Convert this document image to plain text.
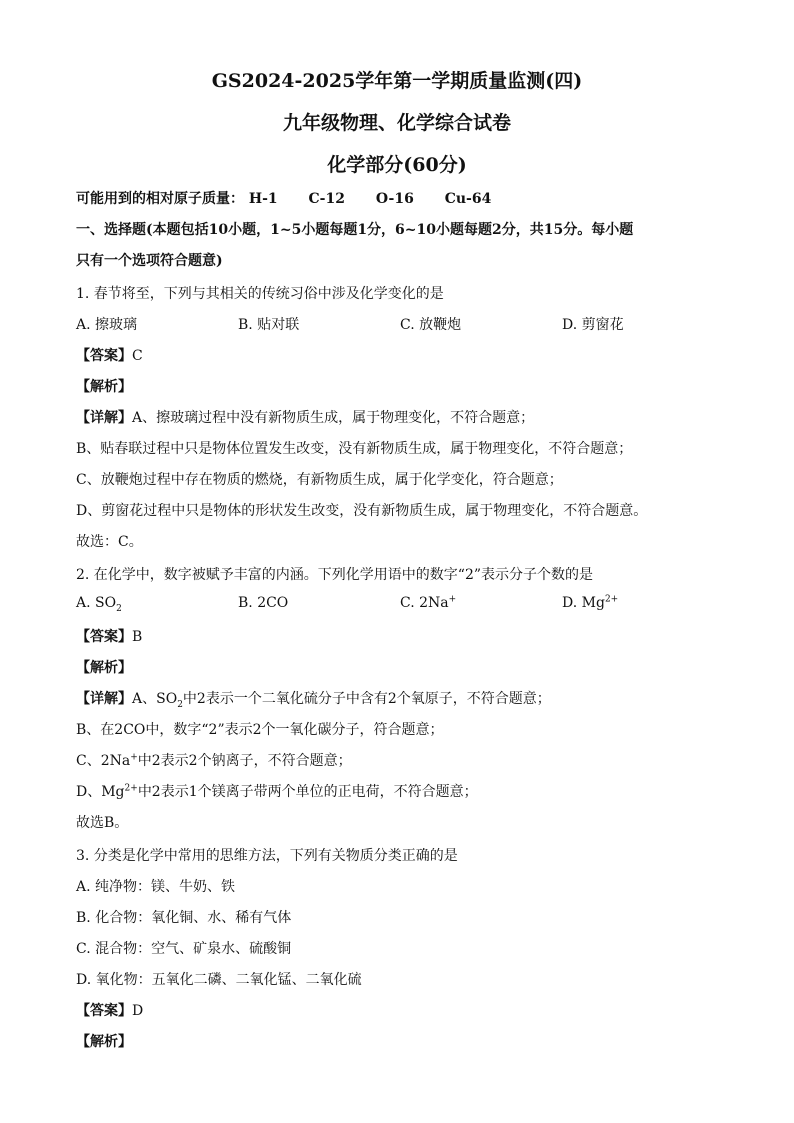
GS2024-2025学年第一学期质量监测(四)
九年级物理、化学综合试卷
化学部分(60分)
可能用到的相对原子质量： H-1 C-12 O-16 Cu-64
一、选择题(本题包括10小题，1~5小题每题1分，6~10小题每题2分，共15分。每小题
只有一个选项符合题意)
1. 春节将至，下列与其相关的传统习俗中涉及化学变化的是
A. 擦玻璃	B. 贴对联	C. 放鞭炮	D. 剪窗花
【答案】C
【解析】
【详解】A、擦玻璃过程中没有新物质生成，属于物理变化，不符合题意；
B、贴春联过程中只是物体位置发生改变，没有新物质生成，属于物理变化，不符合题意；
C、放鞭炮过程中存在物质的燃烧，有新物质生成，属于化学变化，符合题意；
D、剪窗花过程中只是物体的形状发生改变，没有新物质生成，属于物理变化，不符合题意。
故选：C。
2. 在化学中，数字被赋予丰富的内涵。下列化学用语中的数字“2”表示分子个数的是
A. $SO_2$	B. 2CO	C. 2Na+	D. $Mg^{2+}$
【答案】B
【解析】
【详解】A、$SO_2$中2表示一个二氧化硫分子中含有2个氧原子，不符合题意；
B、在2CO中，数字“2”表示2个一氧化碳分子，符合题意；
C、2Na+中2表示2个钠离子，不符合题意；
D、$Mg^{2+}$中2表示1个镁离子带两个单位的正电荷，不符合题意；
故选B。
3. 分类是化学中常用的思维方法，下列有关物质分类正确的是
A. 纯净物：镁、牛奶、铁
B. 化合物：氧化铜、水、稀有气体
C. 混合物：空气、矿泉水、硫酸铜
D. 氧化物：五氧化二磷、二氧化锰、二氧化硫
【答案】D
【解析】
